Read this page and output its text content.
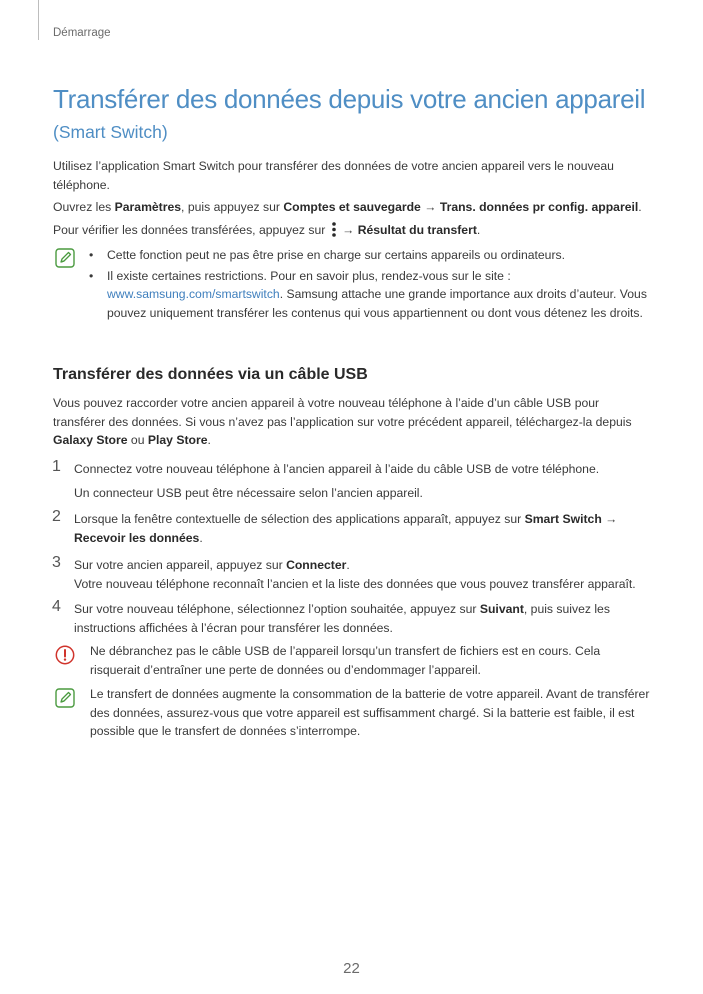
Démarrage
Transférer des données depuis votre ancien appareil
(Smart Switch)

Utilisez l’application Smart Switch pour transférer des données de votre ancien appareil vers le nouveau téléphone.

Ouvrez les Paramètres, puis appuyez sur Comptes et sauvegarde → Trans. données pr config. appareil.

Pour vérifier les données transférées, appuyez sur
→ Résultat du transfert.

• Cette fonction peut ne pas être prise en charge sur certains appareils ou ordinateurs.
• Il existe certaines restrictions. Pour en savoir plus, rendez-vous sur le site : www.samsung.com/smartswitch. Samsung attache une grande importance aux droits d’auteur. Vous pouvez uniquement transférer les contenus qui vous appartiennent ou dont vous détenez les droits.
Transférer des données via un câble USB

Vous pouvez raccorder votre ancien appareil à votre nouveau téléphone à l’aide d’un câble USB pour transférer des données. Si vous n’avez pas l’application sur votre précédent appareil, téléchargez-la depuis Galaxy Store ou Play Store.

1 Connectez votre nouveau téléphone à l’ancien appareil à l’aide du câble USB de votre téléphone.

Un connecteur USB peut être nécessaire selon l’ancien appareil.

2 Lorsque la fenêtre contextuelle de sélection des applications apparaît, appuyez sur Smart Switch → Recevoir les données.

3 Sur votre ancien appareil, appuyez sur Connecter.

Votre nouveau téléphone reconnaît l’ancien et la liste des données que vous pouvez transférer apparaît.

4 Sur votre nouveau téléphone, sélectionnez l’option souhaitée, appuyez sur Suivant, puis suivez les instructions affichées à l’écran pour transférer les données.

Ne débranchez pas le câble USB de l’appareil lorsqu’un transfert de fichiers est en cours. Cela risquerait d’entraîner une perte de données ou d’endommager l’appareil.

Le transfert de données augmente la consommation de la batterie de votre appareil. Avant de transférer des données, assurez-vous que votre appareil est suffisamment chargé. Si la batterie est faible, il est possible que le transfert de données s’interrompe.

22
